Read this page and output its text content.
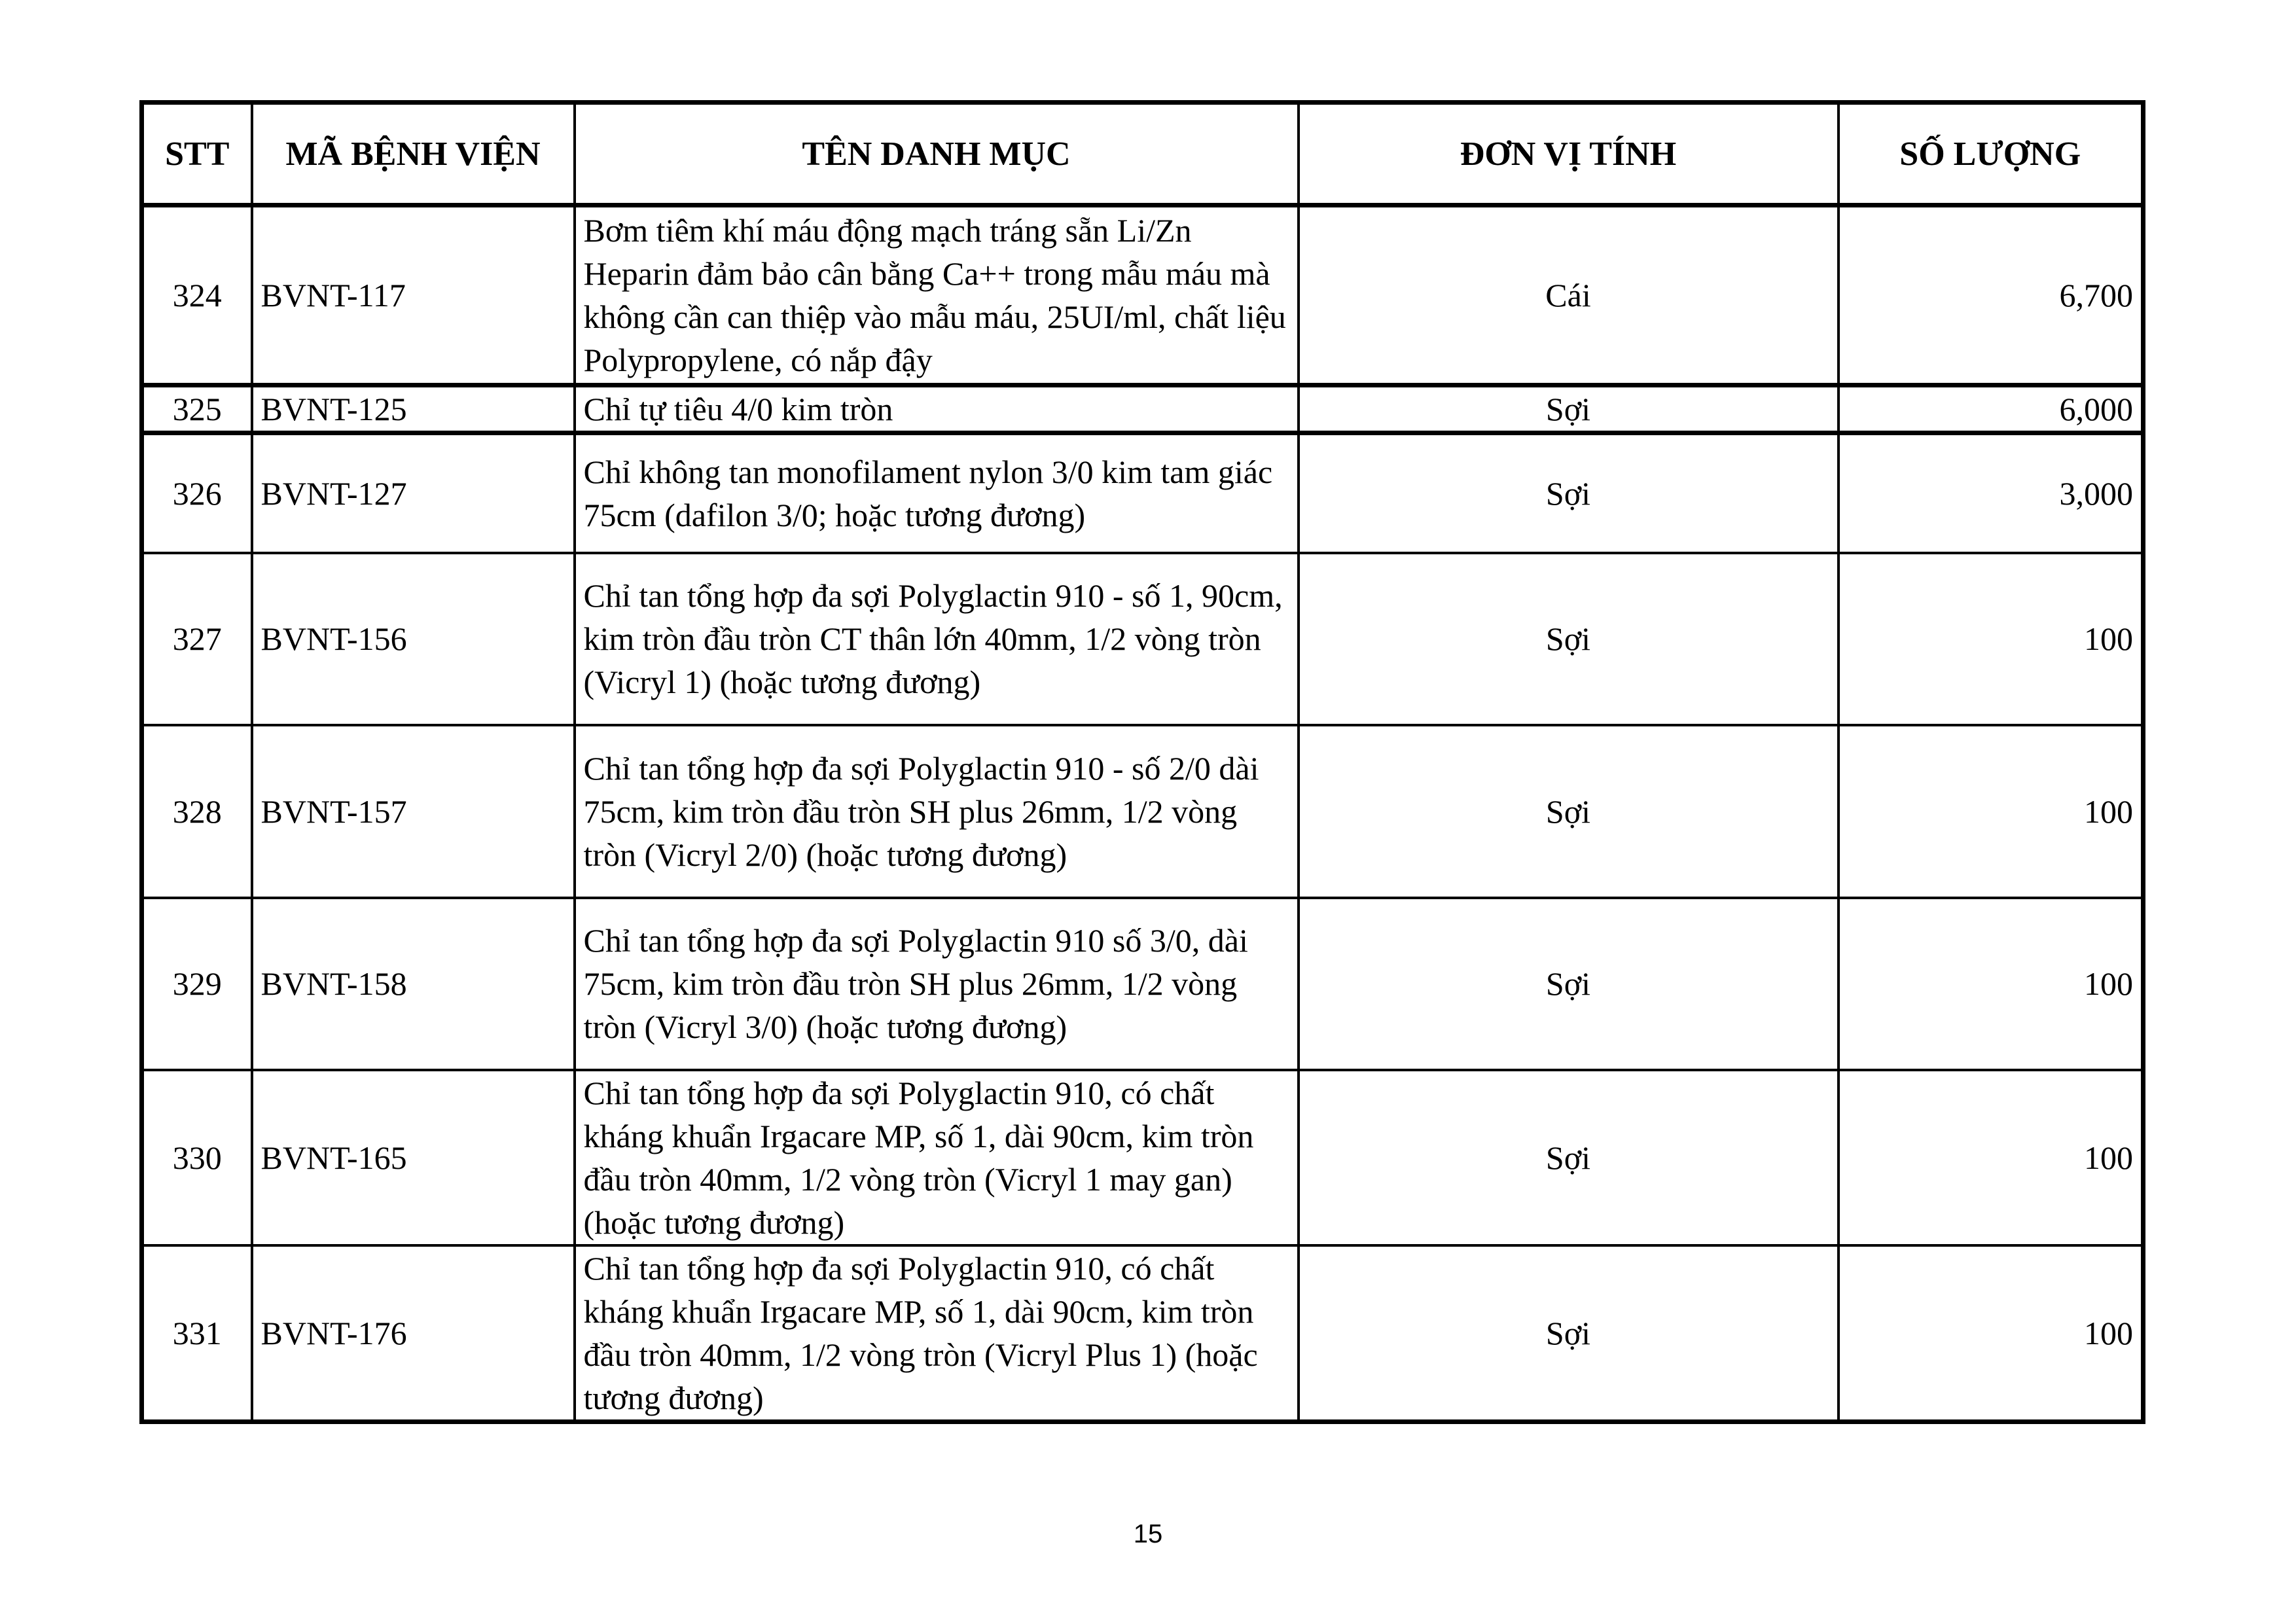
STT	MÃ BỆNH VIỆN	TÊN DANH MỤC	ĐƠN VỊ TÍNH	SỐ LƯỢNG
324	BVNT-117	Bơm tiêm khí máu động mạch tráng sẵn Li/Zn Heparin đảm bảo cân bằng Ca++ trong mẫu máu mà không cần can thiệp vào mẫu máu, 25UI/ml, chất liệu Polypropylene, có nắp đậy	Cái	6,700
325	BVNT-125	Chỉ tự tiêu 4/0 kim tròn	Sợi	6,000
326	BVNT-127	Chỉ không tan monofilament nylon 3/0 kim tam giác 75cm (dafilon 3/0; hoặc tương đương)	Sợi	3,000
327	BVNT-156	Chỉ tan tổng hợp đa sợi Polyglactin 910 - số 1, 90cm, kim tròn đầu tròn CT thân lớn 40mm, 1/2 vòng tròn (Vicryl 1) (hoặc tương đương)	Sợi	100
328	BVNT-157	Chỉ tan tổng hợp đa sợi Polyglactin 910 - số 2/0 dài 75cm, kim tròn đầu tròn SH plus 26mm, 1/2 vòng tròn (Vicryl 2/0) (hoặc tương đương)	Sợi	100
329	BVNT-158	Chỉ tan tổng hợp đa sợi Polyglactin 910 số 3/0, dài 75cm, kim tròn đầu tròn SH plus 26mm, 1/2 vòng tròn (Vicryl 3/0) (hoặc tương đương)	Sợi	100
330	BVNT-165	Chỉ tan tổng hợp đa sợi Polyglactin 910, có chất kháng khuẩn Irgacare MP, số 1, dài 90cm, kim tròn đầu tròn 40mm, 1/2 vòng tròn (Vicryl 1 may gan) (hoặc tương đương)	Sợi	100
331	BVNT-176	Chỉ tan tổng hợp đa sợi Polyglactin 910, có chất kháng khuẩn Irgacare MP, số 1, dài 90cm, kim tròn đầu tròn 40mm, 1/2 vòng tròn (Vicryl Plus 1) (hoặc tương đương)	Sợi	100
15
